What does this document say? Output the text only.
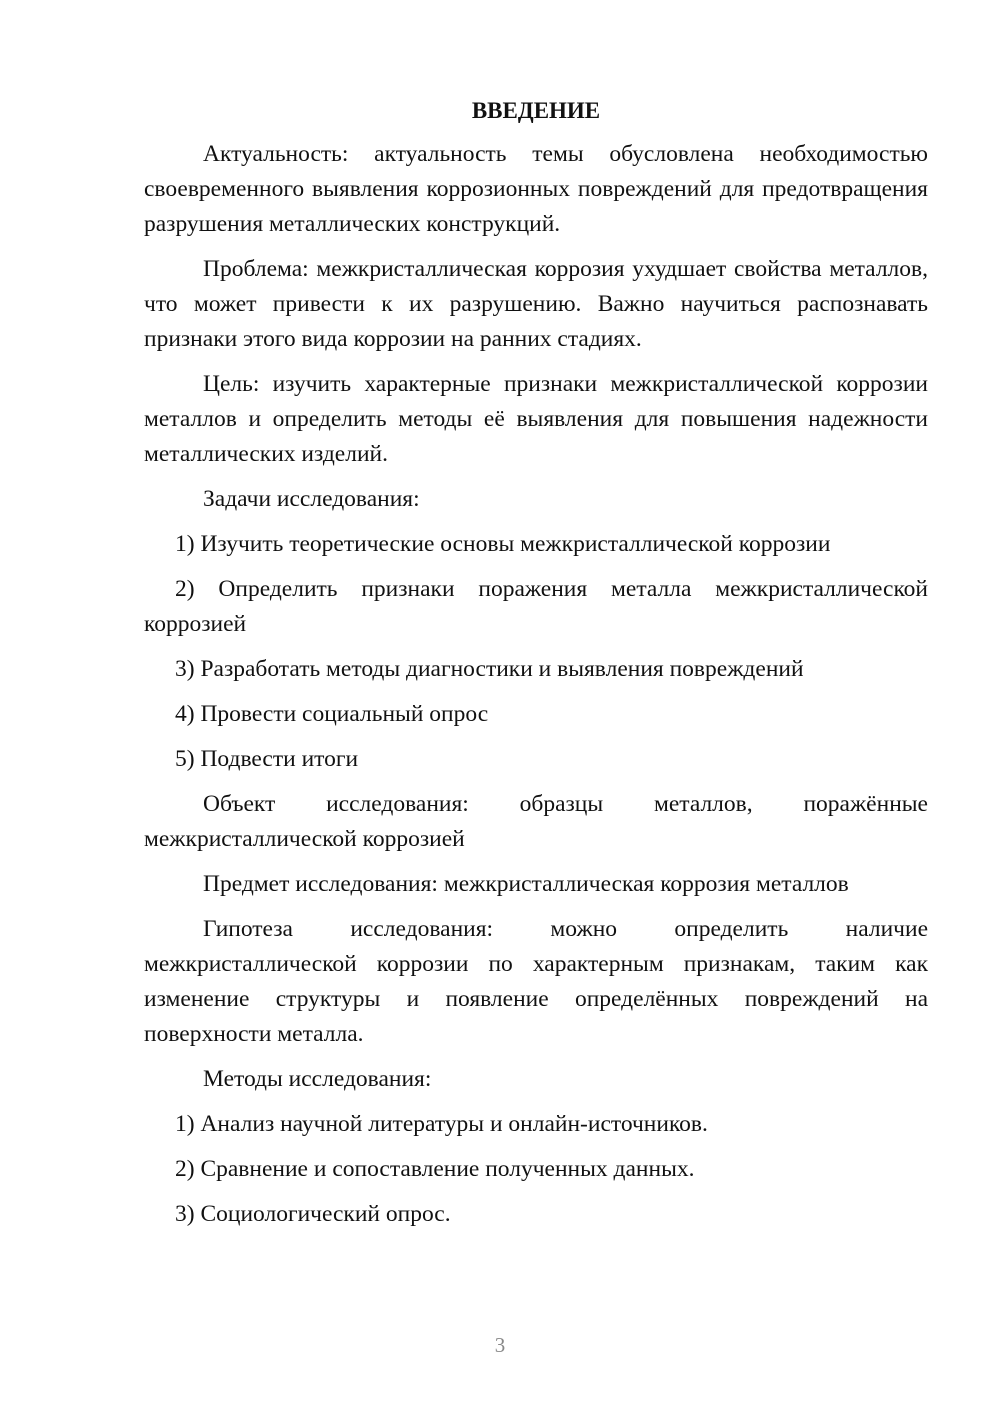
ВВЕДЕНИЕ

Актуальность: актуальность темы обусловлена необходимостью своевременного выявления коррозионных повреждений для предотвращения разрушения металлических конструкций.

Проблема: межкристаллическая коррозия ухудшает свойства металлов, что может привести к их разрушению. Важно научиться распознавать признаки этого вида коррозии на ранних стадиях.

Цель: изучить характерные признаки межкристаллической коррозии металлов и определить методы её выявления для повышения надежности металлических изделий.

Задачи исследования:

1) Изучить теоретические основы межкристаллической коррозии

2) Определить признаки поражения металла межкристаллической коррозией

3) Разработать методы диагностики и выявления повреждений

4) Провести социальный опрос

5) Подвести итоги

Объект исследования: образцы металлов, поражённые межкристаллической коррозией

Предмет исследования: межкристаллическая коррозия металлов

Гипотеза исследования: можно определить наличие межкристаллической коррозии по характерным признакам, таким как изменение структуры и появление определённых повреждений на поверхности металла.

Методы исследования:

1) Анализ научной литературы и онлайн-источников.

2) Сравнение и сопоставление полученных данных.

3) Социологический опрос.

3
